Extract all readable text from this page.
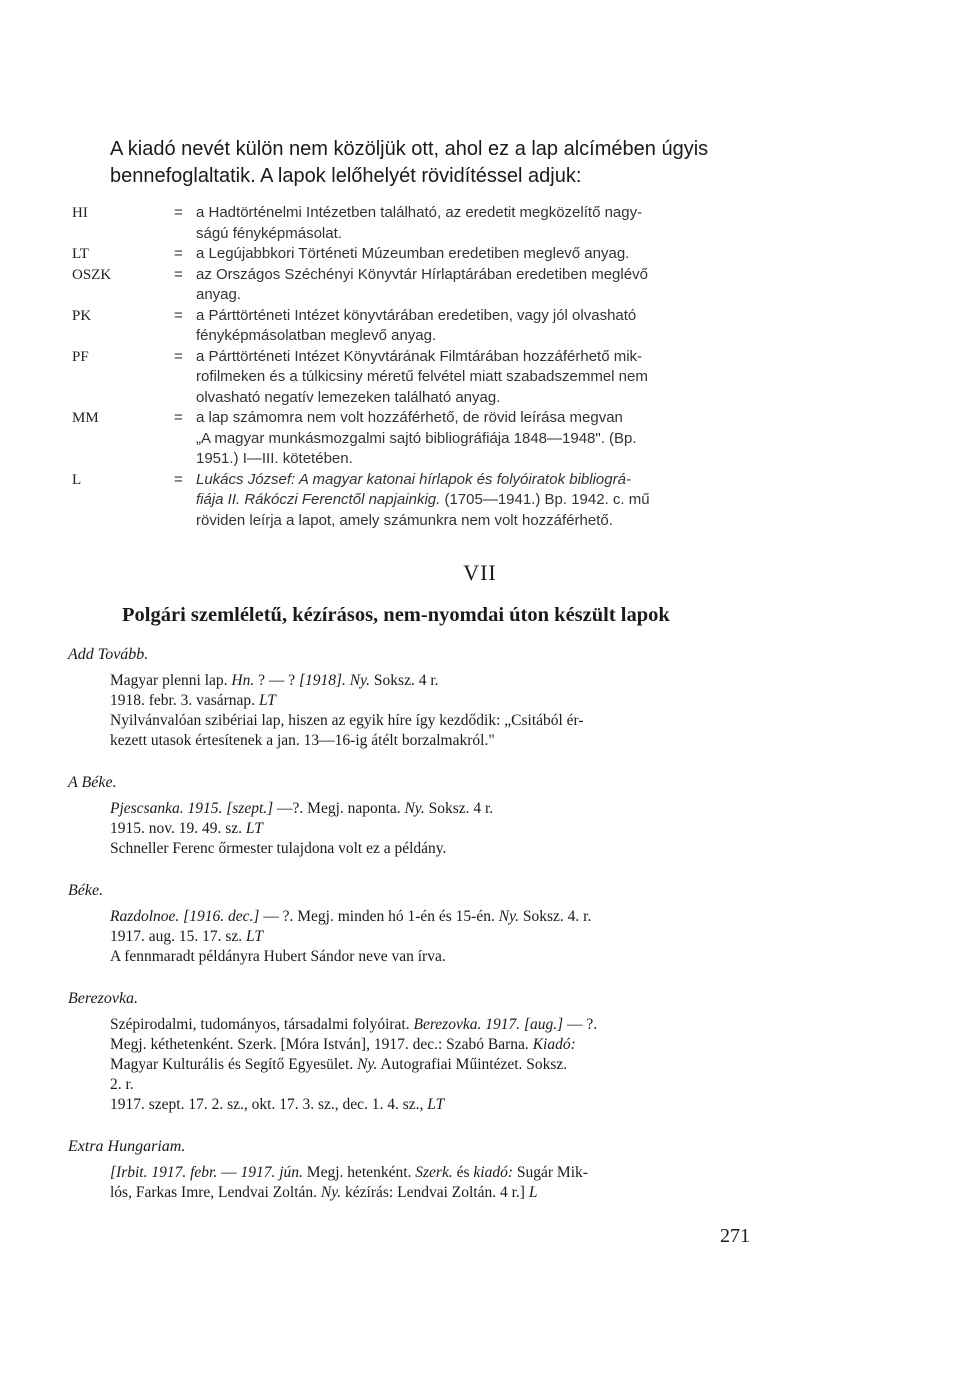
A kiadó nevét külön nem közöljük ott, ahol ez a lap alcímében úgyis

bennefoglaltatik. A lapok lelőhelyét rövidítéssel adjuk:

HI	= a Hadtörténelmi Intézetben található, az eredetit megközelítő nagy-
ságú fényképmásolat.
LT	= a Legújabbkori Történeti Múzeumban eredetiben meglevő anyag.
OSZK	= az Országos Széchényi Könyvtár Hírlaptárában eredetiben meglévő
anyag.
PK	= a Párttörténeti Intézet könyvtárában eredetiben, vagy jól olvasható
fényképmásolatban meglevő anyag.
PF	= a Párttörténeti Intézet Könyvtárának Filmtárában hozzáférhető mik-
rofilmeken és a túlkicsiny méretű felvétel miatt szabadszemmel nem
olvasható negatív lemezeken található anyag.
MM	= a lap számomra nem volt hozzáférhető, de rövid leírása megvan
„A magyar munkásmozgalmi sajtó bibliográfiája 1848—1948". (Bp.
1951.) I—III. kötetében.
L	= Lukács József: A magyar katonai hírlapok és folyóiratok bibliográ-
fiája II. Rákóczi Ferenctől napjainkig. (1705—1941.) Bp. 1942. c. mű
röviden leírja a lapot, amely számunkra nem volt hozzáférhető.
VII
Polgári szemléletű, kézírásos, nem-nyomdai úton készült lapok

Add Tovább.

Magyar plenni lap. Hn. ? — ? [1918]. Ny. Soksz. 4 r.

1918. febr. 3. vasárnap. LT

Nyilvánvalóan szibériai lap, hiszen az egyik híre így kezdődik: „Csitából ér-

kezett utasok értesítenek a jan. 13—16-ig átélt borzalmakról."

A Béke.

Pjescsanka. 1915. [szept.] —?. Megj. naponta. Ny. Soksz. 4 r.

1915. nov. 19. 49. sz. LT

Schneller Ferenc őrmester tulajdona volt ez a példány.

Béke.

Razdolnoe. [1916. dec.] — ?. Megj. minden hó 1-én és 15-én. Ny. Soksz. 4. r.

1917. aug. 15. 17. sz. LT

A fennmaradt példányra Hubert Sándor neve van írva.

Berezovka.

Szépirodalmi, tudományos, társadalmi folyóirat. Berezovka. 1917. [aug.] — ?.

Megj. kéthetenként. Szerk. [Móra István], 1917. dec.: Szabó Barna. Kiadó:

Magyar Kulturális és Segítő Egyesület. Ny. Autografiai Műintézet. Soksz.

2. r.

1917. szept. 17. 2. sz., okt. 17. 3. sz., dec. 1. 4. sz., LT

Extra Hungariam.

[Irbit. 1917. febr. — 1917. jún. Megj. hetenként. Szerk. és kiadó: Sugár Mik-

lós, Farkas Imre, Lendvai Zoltán. Ny. kézírás: Lendvai Zoltán. 4 r.] L

271
